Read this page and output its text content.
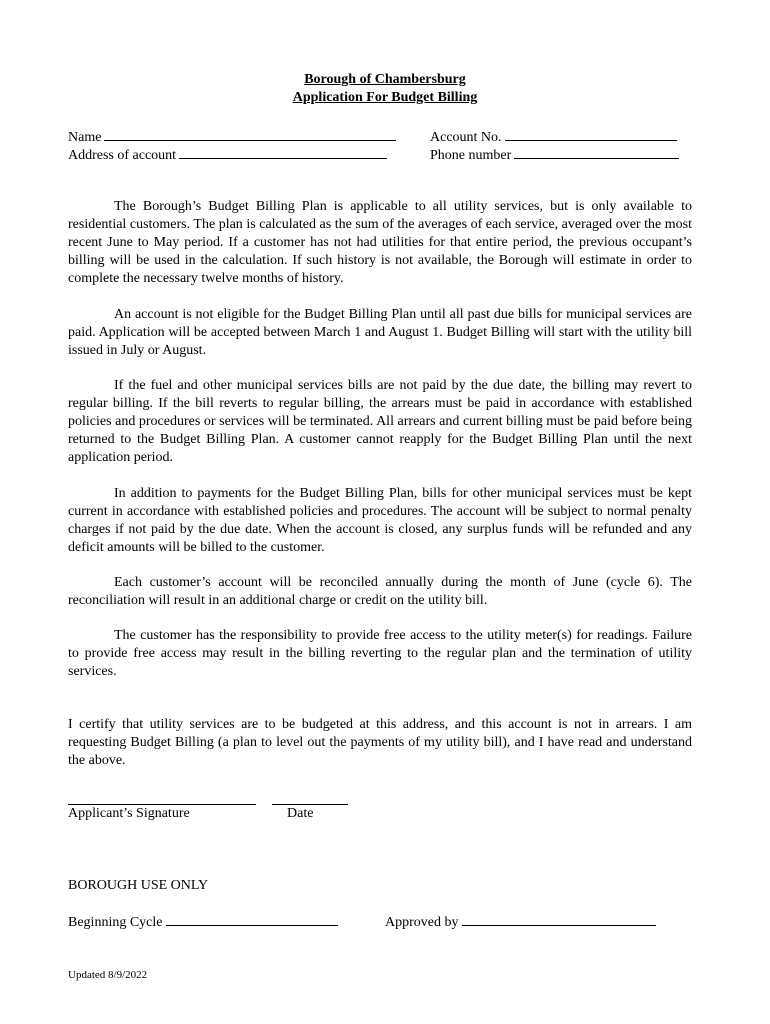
Borough of Chambersburg
Application For Budget Billing
Name
Address of account
Account No.
Phone number

The Borough’s Budget Billing Plan is applicable to all utility services, but is only available to residential customers. The plan is calculated as the sum of the averages of each service, averaged over the most recent June to May period. If a customer has not had utilities for that entire period, the previous occupant’s billing will be used in the calculation. If such history is not available, the Borough will estimate in order to complete the necessary twelve months of history.

An account is not eligible for the Budget Billing Plan until all past due bills for municipal services are paid. Application will be accepted between March 1 and August 1. Budget Billing will start with the utility bill issued in July or August.

If the fuel and other municipal services bills are not paid by the due date, the billing may revert to regular billing. If the bill reverts to regular billing, the arrears must be paid in accordance with established policies and procedures or services will be terminated. All arrears and current billing must be paid before being returned to the Budget Billing Plan. A customer cannot reapply for the Budget Billing Plan until the next application period.

In addition to payments for the Budget Billing Plan, bills for other municipal services must be kept current in accordance with established policies and procedures. The account will be subject to normal penalty charges if not paid by the due date. When the account is closed, any surplus funds will be refunded and any deficit amounts will be billed to the customer.

Each customer’s account will be reconciled annually during the month of June (cycle 6). The reconciliation will result in an additional charge or credit on the utility bill.

The customer has the responsibility to provide free access to the utility meter(s) for readings. Failure to provide free access may result in the billing reverting to the regular plan and the termination of utility services.

I certify that utility services are to be budgeted at this address, and this account is not in arrears. I am requesting Budget Billing (a plan to level out the payments of my utility bill), and I have read and understand the above.

Applicant’s Signature	Date
BOROUGH USE ONLY
Beginning Cycle	Approved by
Updated 8/9/2022
